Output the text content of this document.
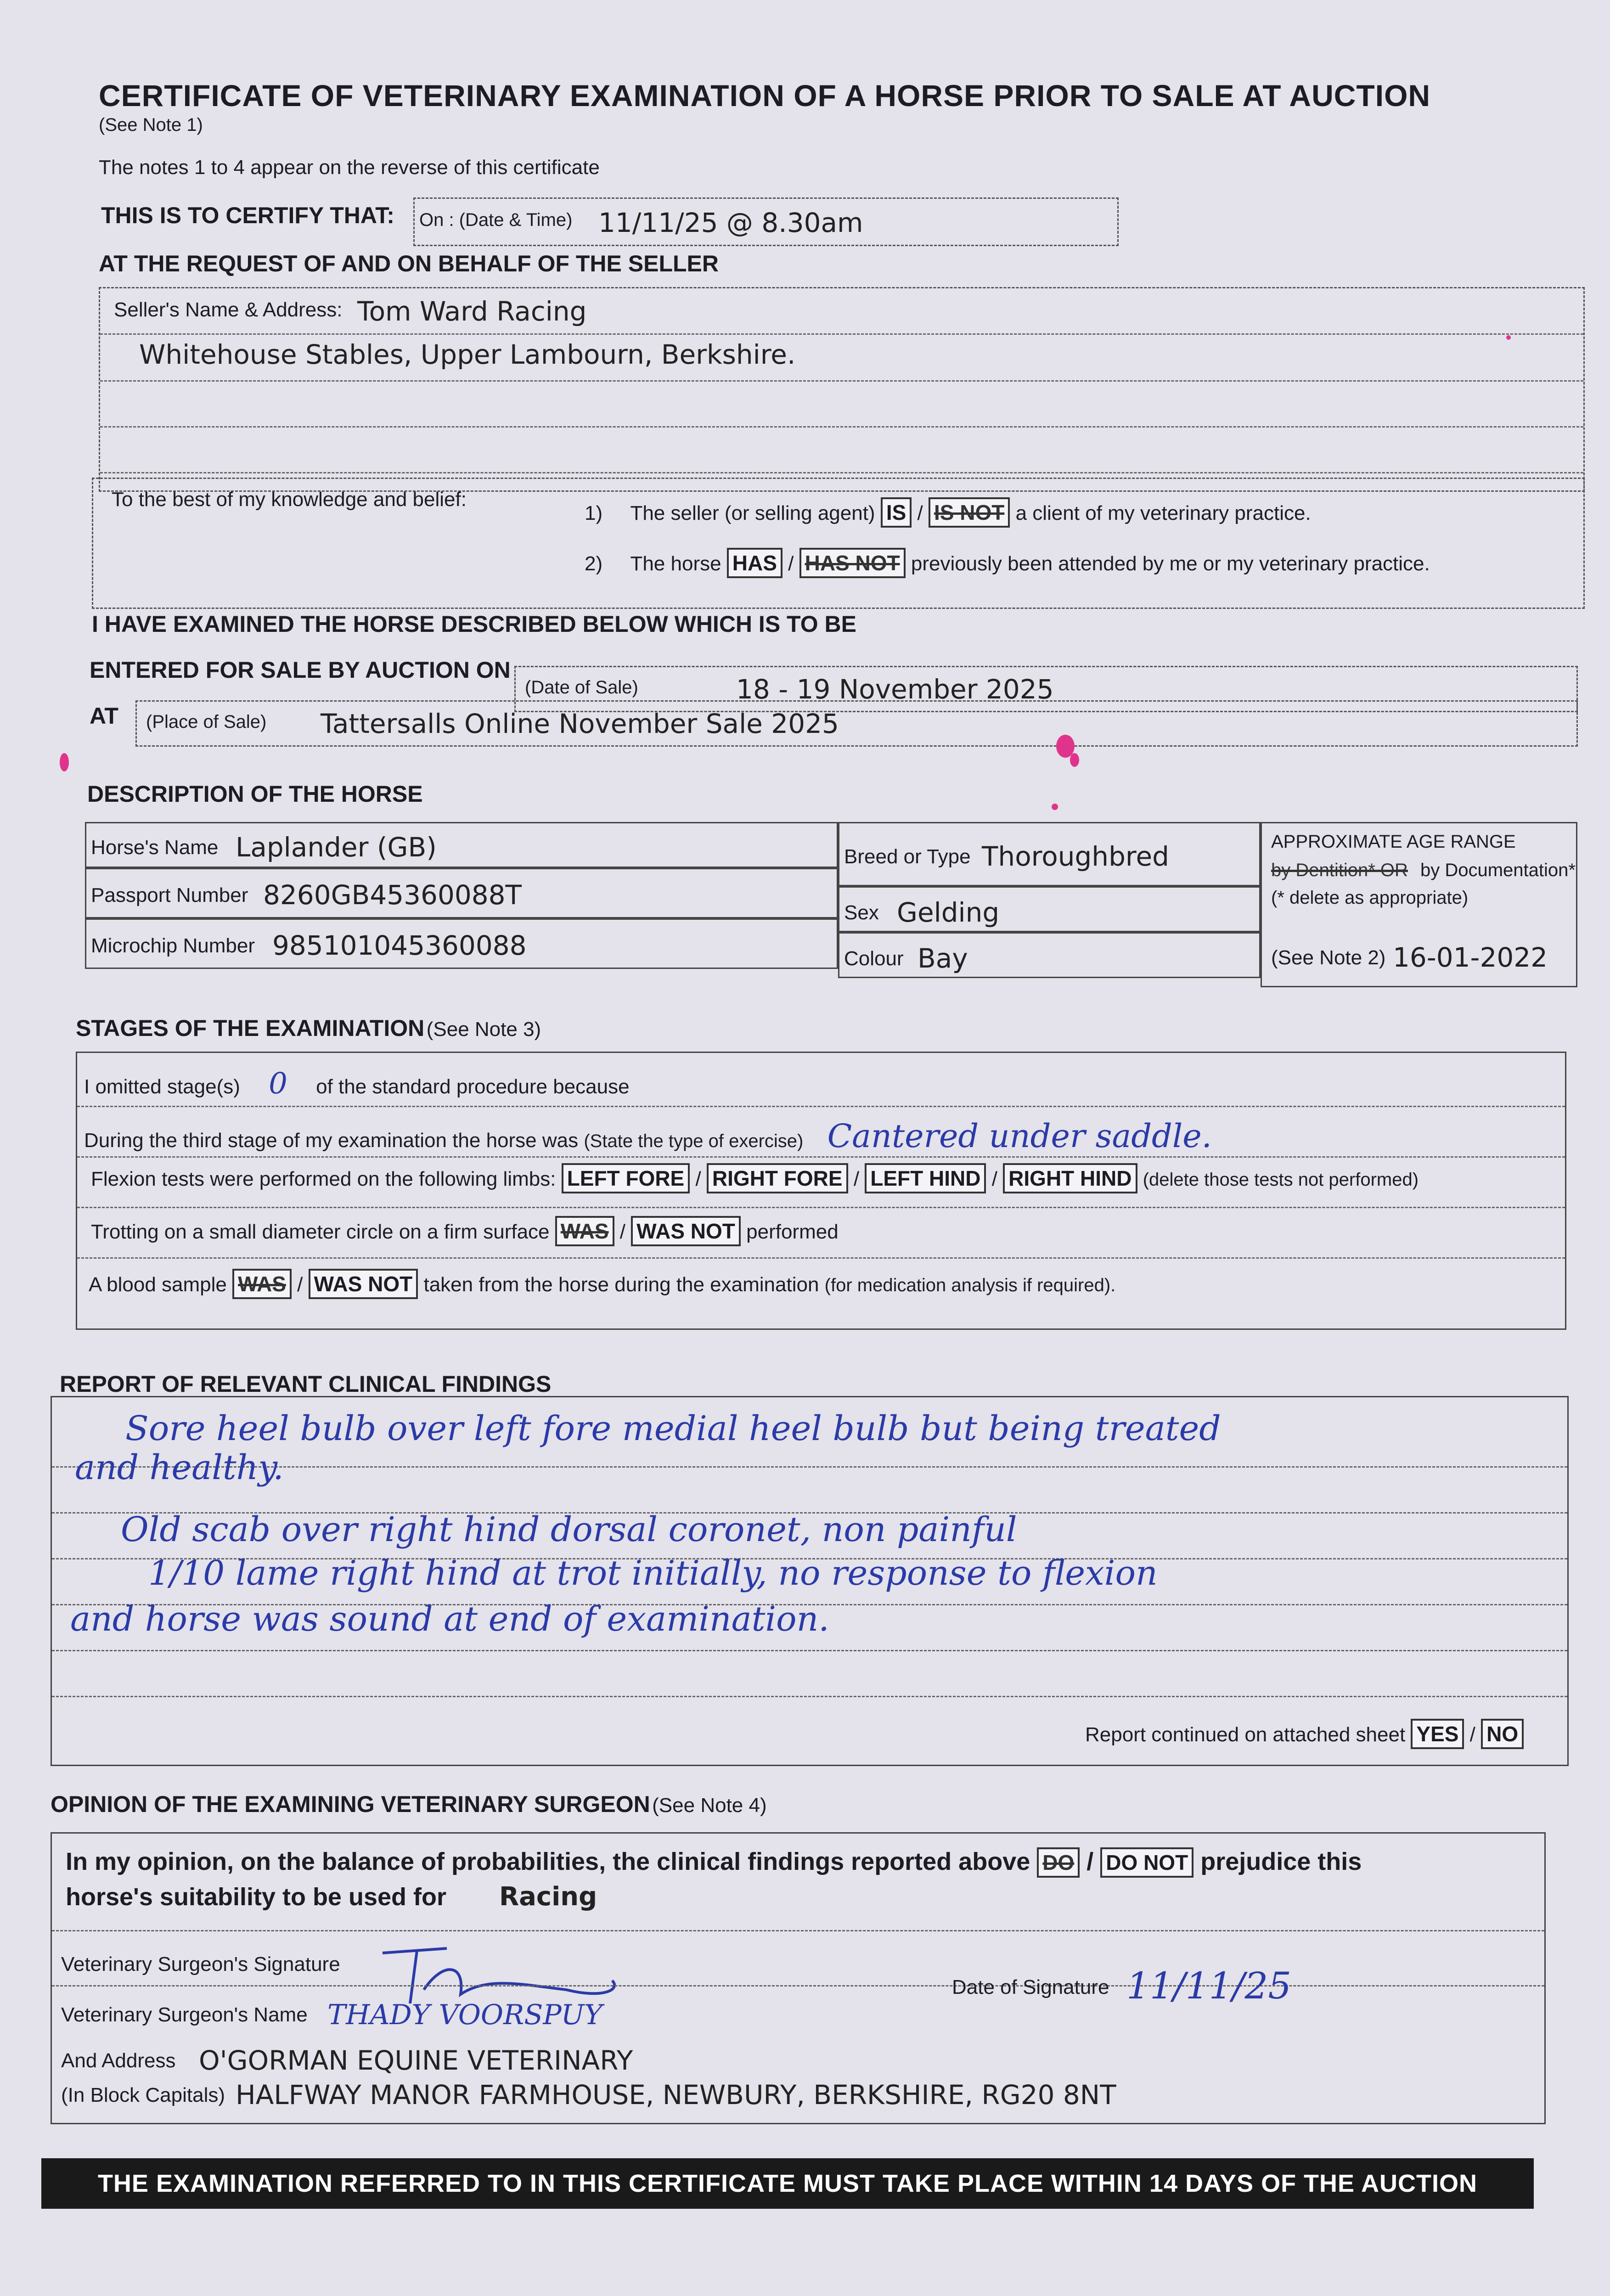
CERTIFICATE OF VETERINARY EXAMINATION OF A HORSE PRIOR TO SALE AT AUCTION
(See Note 1)
The notes 1 to 4 appear on the reverse of this certificate
THIS IS TO CERTIFY THAT: On : (Date & Time) 11/11/25 @ 8.30am
AT THE REQUEST OF AND ON BEHALF OF THE SELLER
Seller's Name & Address: Tom Ward Racing
Whitehouse Stables, Upper Lambourn, Berkshire.
To the best of my knowledge and belief:
1) The seller (or selling agent) IS / IS NOT a client of my veterinary practice.
2) The horse HAS / HAS NOT previously been attended by me or my veterinary practice.
I HAVE EXAMINED THE HORSE DESCRIBED BELOW WHICH IS TO BE
ENTERED FOR SALE BY AUCTION ON
(Date of Sale)	18 - 19 November 2025
AT (Place of Sale) Tattersalls Online November Sale 2025
DESCRIPTION OF THE HORSE
Horse's Name Laplander (GB)
Passport Number 8260GB45360088T
Microchip Number 985101045360088
Breed or Type Thoroughbred
Sex Gelding
Colour Bay
APPROXIMATE AGE RANGE
by Dentition* OR by Documentation*
(* delete as appropriate)
(See Note 2) 16-01-2022
STAGES OF THE EXAMINATION (See Note 3)
I omitted stage(s) 0 of the standard procedure because
During the third stage of my examination the horse was (State the type of exercise) Cantered under saddle.
Flexion tests were performed on the following limbs: LEFT FORE / RIGHT FORE / LEFT HIND / RIGHT HIND (delete those tests not performed)
Trotting on a small diameter circle on a firm surface WAS / WAS NOT performed
A blood sample WAS / WAS NOT taken from the horse during the examination (for medication analysis if required).
REPORT OF RELEVANT CLINICAL FINDINGS
Sore heel bulb over left fore medial heel bulb but being treated
and healthy.
Old scab over right hind dorsal coronet, non painful
1/10 lame right hind at trot initially, no response to flexion
and horse was sound at end of examination.
Report continued on attached sheet YES / NO
OPINION OF THE EXAMINING VETERINARY SURGEON (See Note 4)
In my opinion, on the balance of probabilities, the clinical findings reported above DO / DO NOT prejudice this
horse's suitability to be used for Racing
Veterinary Surgeon's Signature
Date of Signature 11/11/25
Veterinary Surgeon's Name THADY VOORSPUY
And Address O'GORMAN EQUINE VETERINARY
(In Block Capitals) HALFWAY MANOR FARMHOUSE, NEWBURY, BERKSHIRE, RG20 8NT
THE EXAMINATION REFERRED TO IN THIS CERTIFICATE MUST TAKE PLACE WITHIN 14 DAYS OF THE AUCTION
